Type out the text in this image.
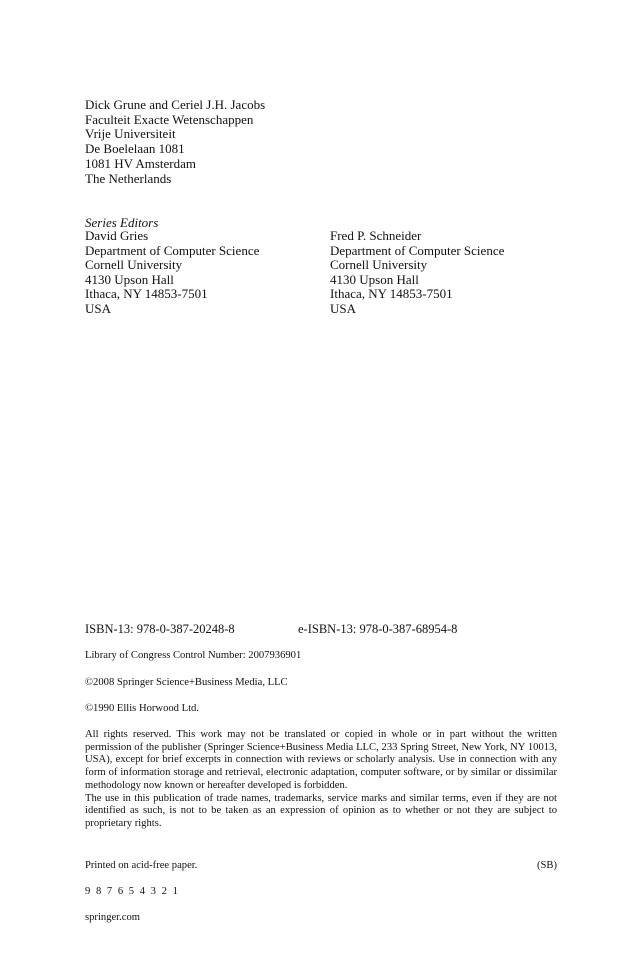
Dick Grune and Ceriel J.H. Jacobs
Faculteit Exacte Wetenschappen
Vrije Universiteit
De Boelelaan 1081
1081 HV Amsterdam
The Netherlands
Series Editors
David Gries
Department of Computer Science
Cornell University
4130 Upson Hall
Ithaca, NY 14853-7501
USA
Fred P. Schneider
Department of Computer Science
Cornell University
4130 Upson Hall
Ithaca, NY 14853-7501
USA
ISBN-13: 978-0-387-20248-8	e-ISBN-13: 978-0-387-68954-8
Library of Congress Control Number: 2007936901
©2008 Springer Science+Business Media, LLC
©1990 Ellis Horwood Ltd.

All rights reserved. This work may not be translated or copied in whole or in part without the written permission of the publisher (Springer Science+Business Media LLC, 233 Spring Street, New York, NY 10013, USA), except for brief excerpts in connection with reviews or scholarly analysis. Use in connection with any form of information storage and retrieval, electronic adaptation, computer software, or by similar or dissimilar methodology now known or hereafter developed is forbidden.

The use in this publication of trade names, trademarks, service marks and similar terms, even if they are not identified as such, is not to be taken as an expression of opinion as to whether or not they are subject to proprietary rights.

Printed on acid-free paper.	(SB)
9 8 7 6 5 4 3 2 1
springer.com
